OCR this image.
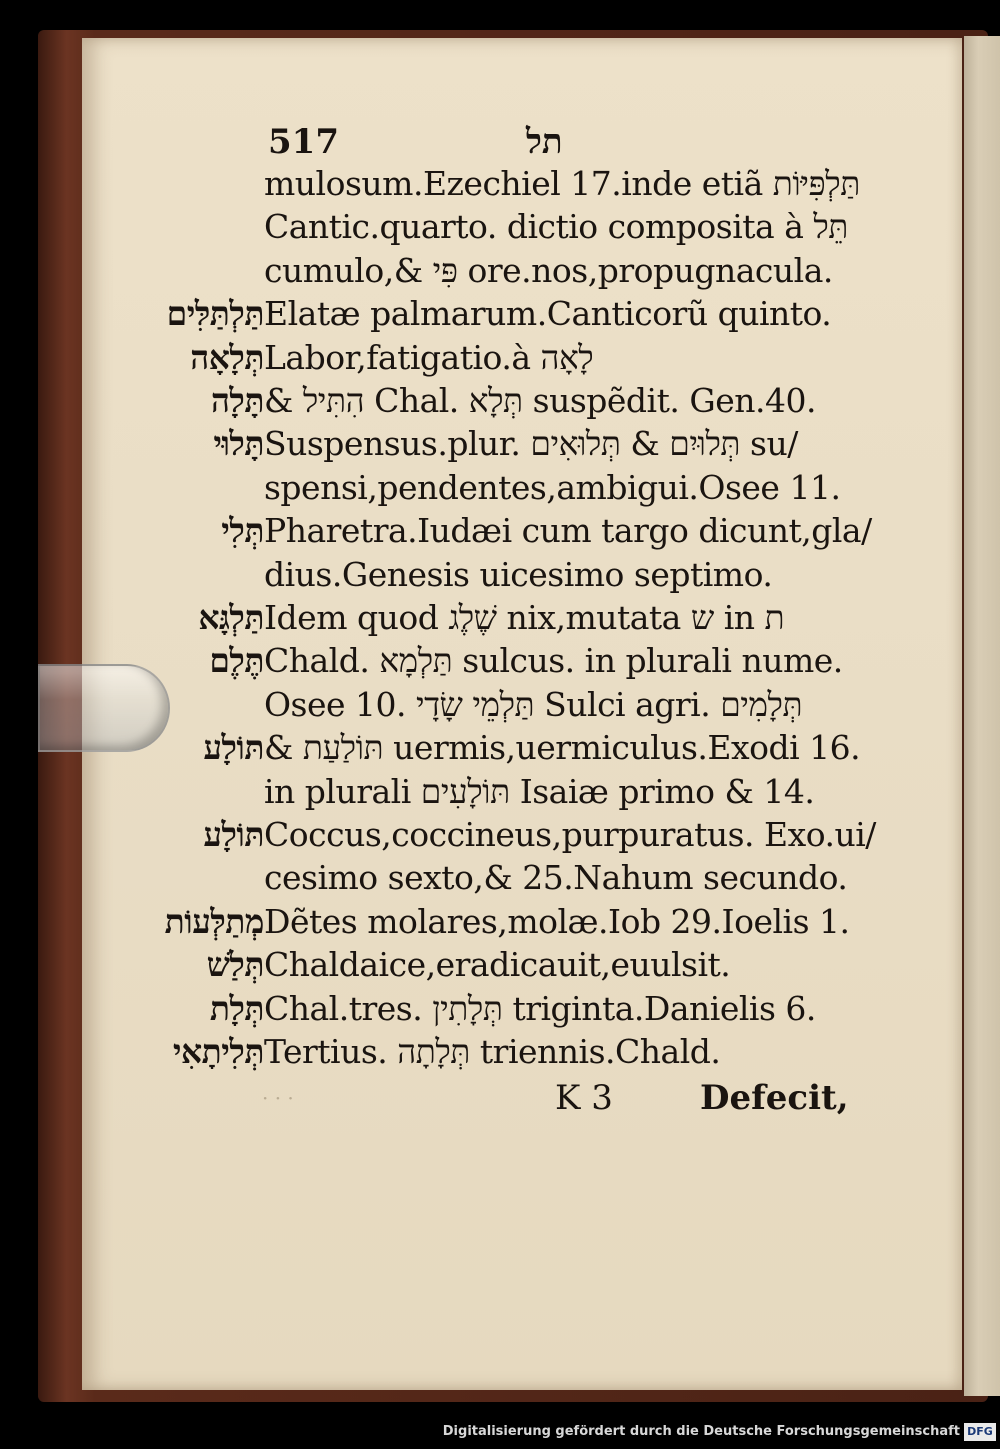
517	תל
mulosum.Ezechiel 17.inde etiã תַּלְפִּיּוֹת
Cantic.quarto. dictio composita à תֵּל
cumulo,& פִּי ore.nos,propugnacula.
תַּלְתַּלִּים Elatæ palmarum.Canticorũ quinto.
תְּלָאָה Labor,fatigatio.à לָאָה
תָּלָה & הִתִּיל Chal. תְּלָא suspẽdit. Gen.40.
תָּלוּי Suspensus.plur. תְּלוּיִם & תְּלוּאִים su/
spensi,pendentes,ambigui.Osee 11.
תְּלִי Pharetra.Iudæi cum targo dicunt,gla/
dius.Genesis uicesimo septimo.
תַּלְגָּא Idem quod שֶׁלֶג nix,mutata ש in ת
תֶּלֶם Chald. תַּלְמָא sulcus. in plurali nume.
Osee 10. תַּלְמֵי שָׂדָי Sulci agri. תְּלָמִים
תּוֹלָע & תּוֹלַעַת uermis,uermiculus.Exodi 16.
in plurali תּוֹלָעִים Isaiæ primo & 14.
תּוֹלָע Coccus,coccineus,purpuratus. Exo.ui/
cesimo sexto,& 25.Nahum secundo.
מְתַלְּעוֹת Dẽtes molares,molæ.Iob 29.Ioelis 1.
תְּלַשׁ Chaldaice,eradicauit,euulsit.
תְּלָת Chal.tres. תְּלָתִין triginta.Danielis 6.
תְּלִיתָאִי Tertius. תְּלָתָה triennis.Chald.
· · ·	K 3	Defecit,
Digitalisierung gefördert durch die Deutsche Forschungsgemeinschaft DFG
